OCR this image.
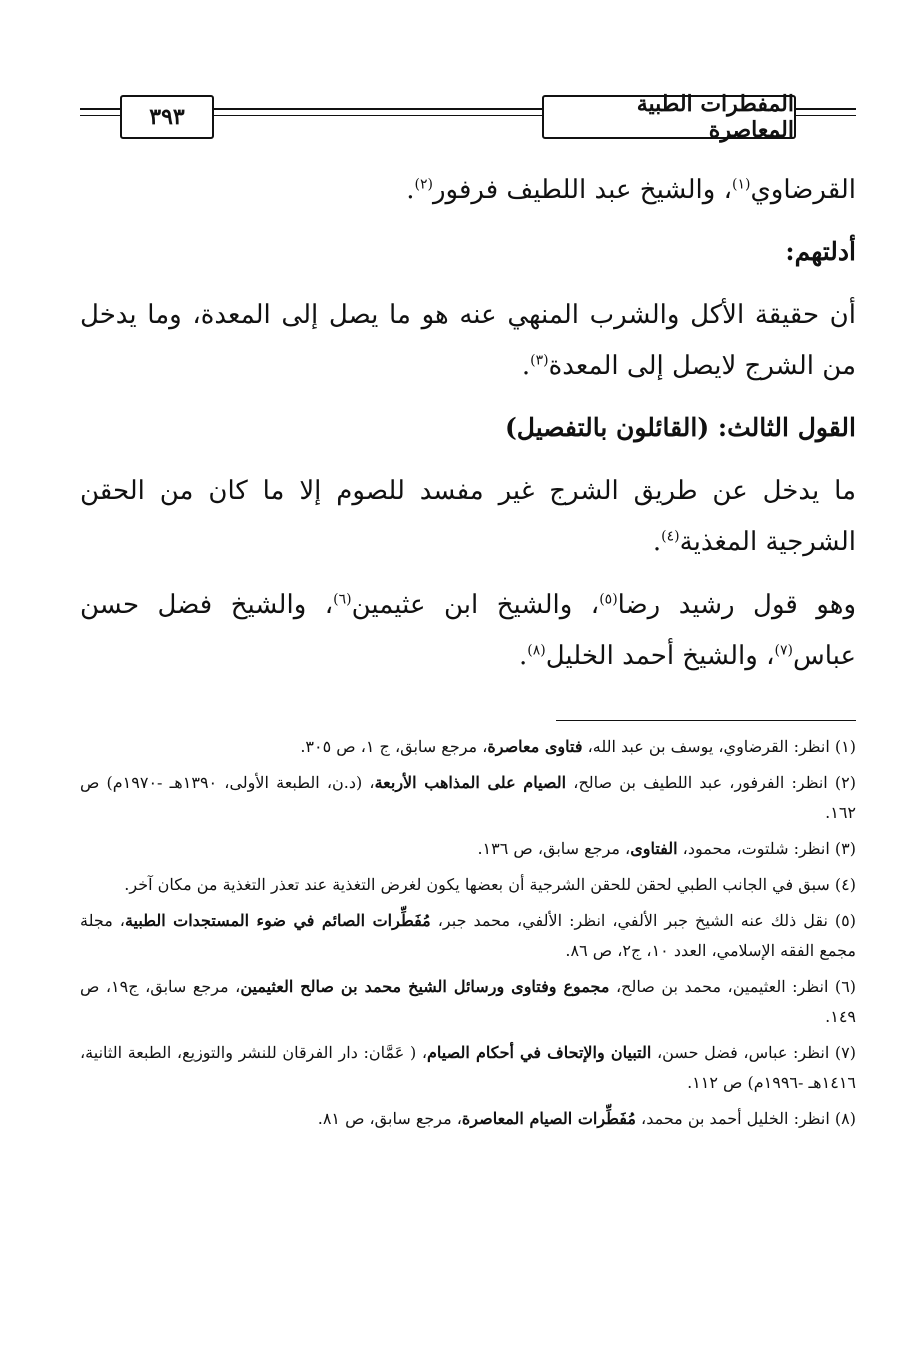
المفطرات الطبية المعاصرة
٣٩٣

القرضاوي$^{(١)}$، والشيخ عبد اللطيف فرفور$^{(٢)}$.

أدلتهم:

أن حقيقة الأكل والشرب المنهي عنه هو ما يصل إلى المعدة، وما يدخل من الشرج لايصل إلى المعدة$^{(٣)}$.

القول الثالث: (القائلون بالتفصيل)

ما يدخل عن طريق الشرج غير مفسد للصوم إلا ما كان من الحقن الشرجية المغذية$^{(٤)}$.

وهو قول رشيد رضا$^{(٥)}$، والشيخ ابن عثيمين$^{(٦)}$، والشيخ فضل حسن عباس$^{(٧)}$، والشيخ أحمد الخليل$^{(٨)}$.

(١) انظر: القرضاوي، يوسف بن عبد الله، فتاوى معاصرة، مرجع سابق، ج ١، ص ٣٠٥.

(٢) انظر: الفرفور، عبد اللطيف بن صالح، الصيام على المذاهب الأربعة، (د.ن، الطبعة الأولى، ١٣٩٠هـ -١٩٧٠م) ص ١٦٢.

(٣) انظر: شلتوت، محمود، الفتاوى، مرجع سابق، ص ١٣٦.

(٤) سبق في الجانب الطبي لحقن للحقن الشرجية أن بعضها يكون لغرض التغذية عند تعذر التغذية من مكان آخر.

(٥) نقل ذلك عنه الشيخ جبر الألفي، انظر: الألفي، محمد جبر، مُفَطِّرات الصائم في ضوء المستجدات الطبية، مجلة مجمع الفقه الإسلامي، العدد ١٠، ج٢، ص ٨٦.

(٦) انظر: العثيمين، محمد بن صالح، مجموع وفتاوى ورسائل الشيخ محمد بن صالح العثيمين، مرجع سابق، ج١٩، ص ١٤٩.

(٧) انظر: عباس، فضل حسن، التبيان والإتحاف في أحكام الصيام، ( عَمَّان: دار الفرقان للنشر والتوزيع، الطبعة الثانية، ١٤١٦هـ -١٩٩٦م) ص ١١٢.

(٨) انظر: الخليل أحمد بن محمد، مُفَطِّرات الصيام المعاصرة، مرجع سابق، ص ٨١.
